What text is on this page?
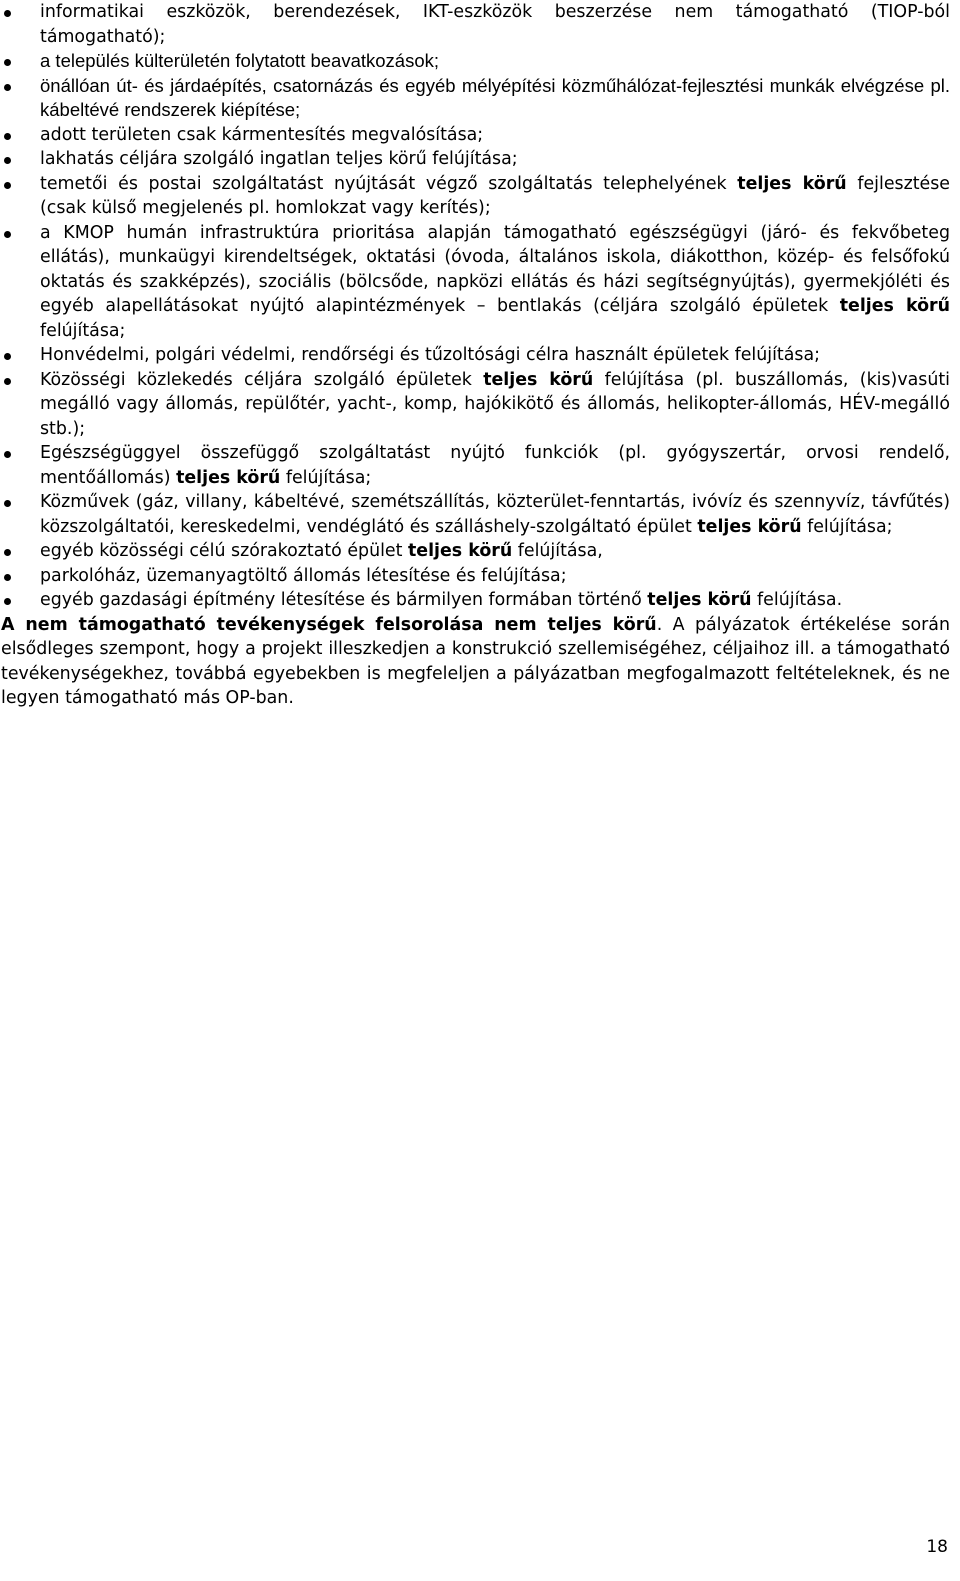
informatikai eszközök, berendezések, IKT-eszközök beszerzése nem támogatható (TIOP-ból támogatható);
a település külterületén folytatott beavatkozások;
önállóan út- és járdaépítés, csatornázás és egyéb mélyépítési közműhálózat-fejlesztési munkák elvégzése pl. kábeltévé rendszerek kiépítése;
adott területen csak kármentesítés megvalósítása;
lakhatás céljára szolgáló ingatlan teljes körű felújítása;
temetői és postai szolgáltatást nyújtását végző szolgáltatás telephelyének teljes körű fejlesztése (csak külső megjelenés pl. homlokzat vagy kerítés);
a KMOP humán infrastruktúra prioritása alapján támogatható egészségügyi (járó- és fekvőbeteg ellátás), munkaügyi kirendeltségek, oktatási (óvoda, általános iskola, diákotthon, közép- és felsőfokú oktatás és szakképzés), szociális (bölcsőde, napközi ellátás és házi segítségnyújtás), gyermekjóléti és egyéb alapellátásokat nyújtó alapintézmények – bentlakás (céljára szolgáló épületek teljes körű felújítása;
Honvédelmi, polgári védelmi, rendőrségi és tűzoltósági célra használt épületek felújítása;
Közösségi közlekedés céljára szolgáló épületek teljes körű felújítása (pl. buszállomás, (kis)vasúti megálló vagy állomás, repülőtér, yacht-, komp, hajókikötő és állomás, helikopter-állomás, HÉV-megálló stb.);
Egészségüggyel összefüggő szolgáltatást nyújtó funkciók (pl. gyógyszertár, orvosi rendelő, mentőállomás) teljes körű felújítása;
Közművek (gáz, villany, kábeltévé, szemétszállítás, közterület-fenntartás, ivóvíz és szennyvíz, távfűtés) közszolgáltatói, kereskedelmi, vendéglátó és szálláshely-szolgáltató épület teljes körű felújítása;
egyéb közösségi célú szórakoztató épület teljes körű felújítása,
parkolóház, üzemanyagtöltő állomás létesítése és felújítása;
egyéb gazdasági építmény létesítése és bármilyen formában történő teljes körű felújítása.

A nem támogatható tevékenységek felsorolása nem teljes körű. A pályázatok értékelése során elsődleges szempont, hogy a projekt illeszkedjen a konstrukció szellemiségéhez, céljaihoz ill. a támogatható tevékenységekhez, továbbá egyebekben is megfeleljen a pályázatban megfogalmazott feltételeknek, és ne legyen támogatható más OP-ban.

18
